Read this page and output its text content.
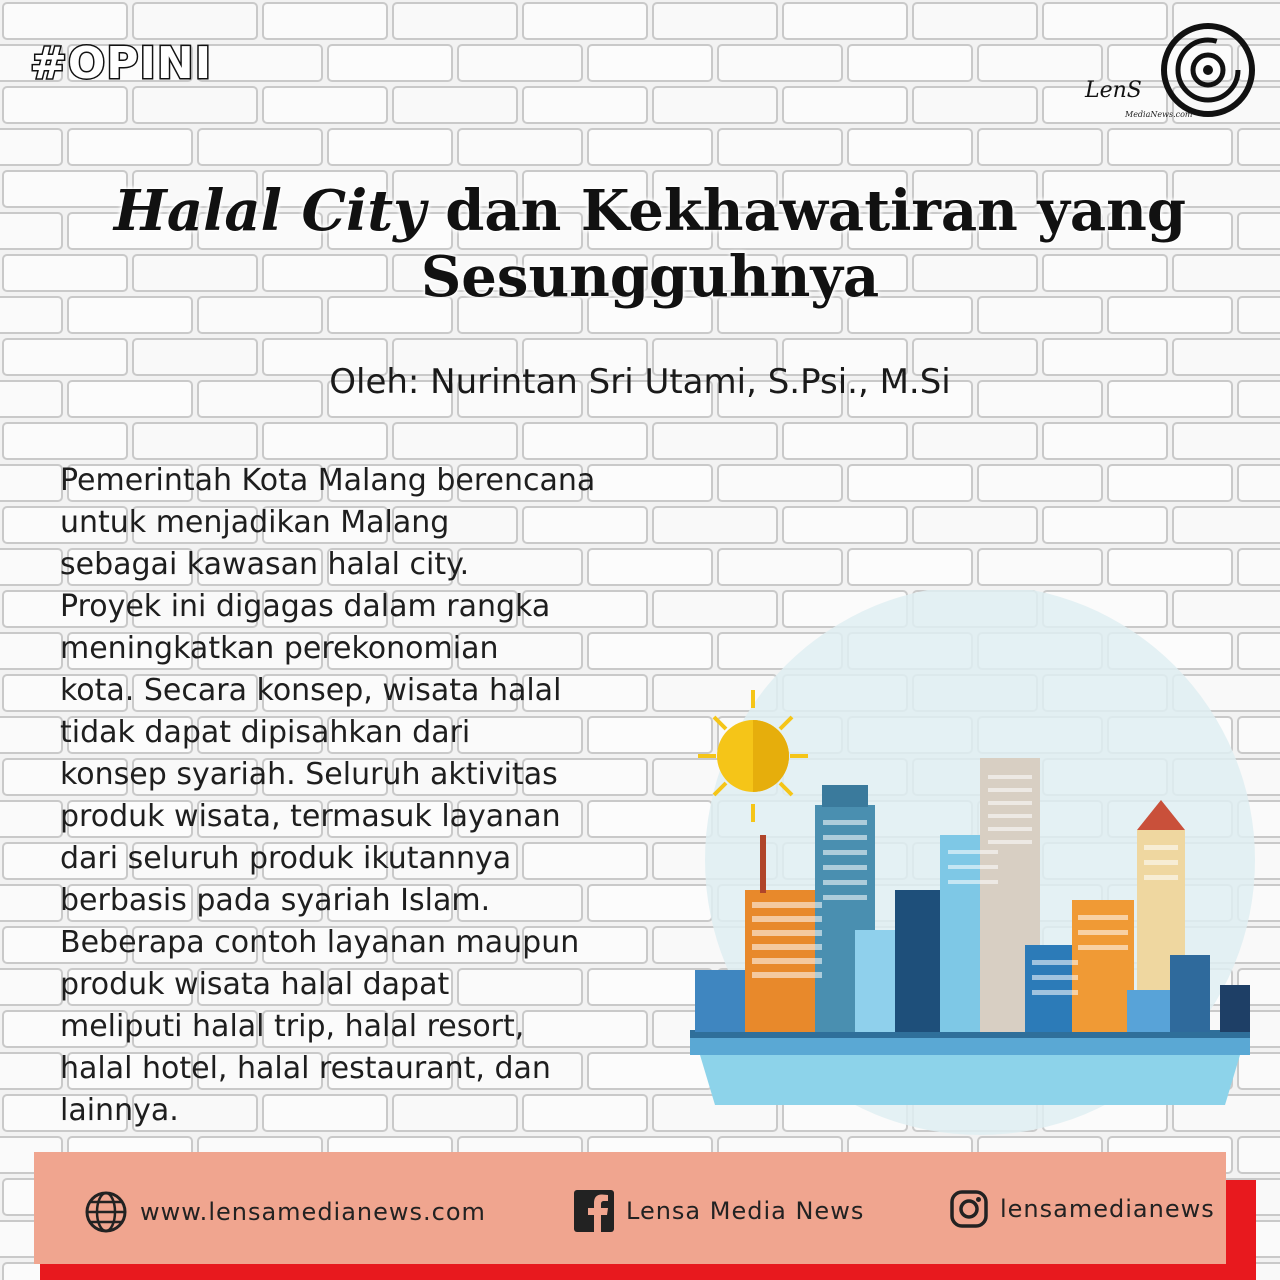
#OPINI
LenS
MediaNews.com
Halal City dan Kekhawatiran yang
Sesungguhnya
Oleh: Nurintan Sri Utami, S.Psi., M.Si
Pemerintah Kota Malang berencana
untuk menjadikan Malang
sebagai kawasan halal city.
Proyek ini digagas dalam rangka
meningkatkan perekonomian
kota. Secara konsep, wisata halal
tidak dapat dipisahkan dari
konsep syariah. Seluruh aktivitas
produk wisata, termasuk layanan
dari seluruh produk ikutannya
berbasis pada syariah Islam.
Beberapa contoh layanan maupun
produk wisata halal dapat
meliputi halal trip, halal resort,
halal hotel, halal restaurant, dan
lainnya.
www.lensamedianews.com	Lensa Media News	lensamedianews
